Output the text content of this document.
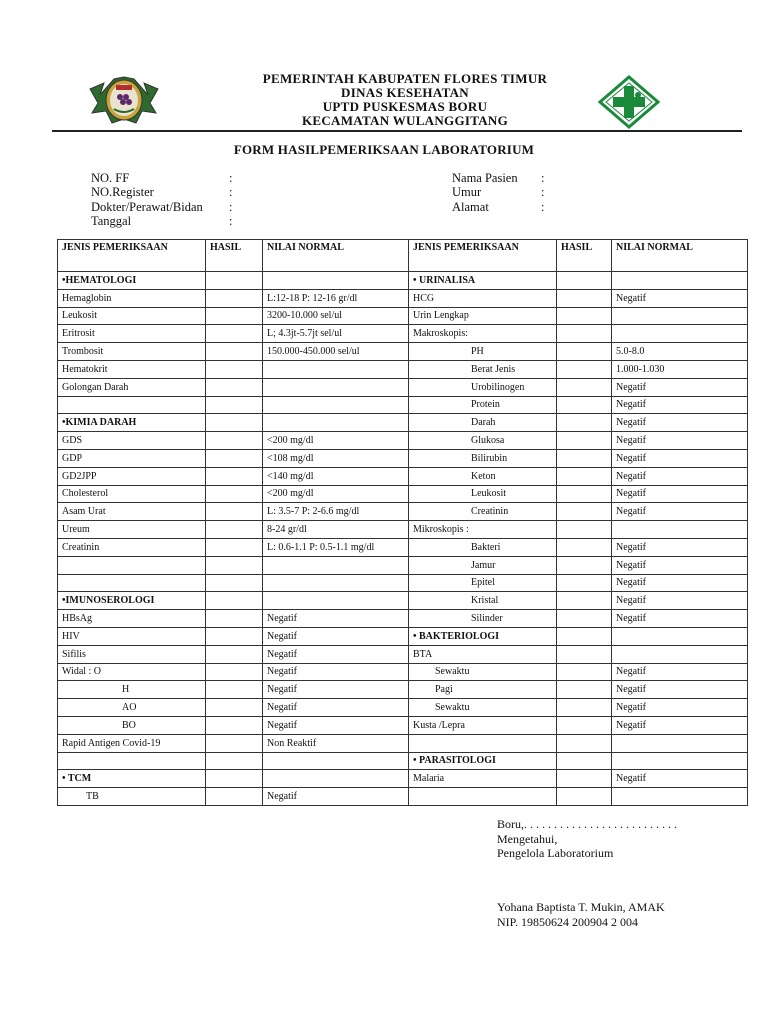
PEMERINTAH KABUPATEN FLORES TIMUR
DINAS KESEHATAN
UPTD PUSKESMAS BORU
KECAMATAN WULANGGITANG
FORM HASILPEMERIKSAAN LABORATORIUM
NO. FF	:
NO.Register	:
Dokter/Perawat/Bidan :
Tanggal	:
Nama Pasien :
Umur	:
Alamat	:
JENIS PEMERIKSAAN	HASIL	NILAI NORMAL	JENIS PEMERIKSAAN	HASIL	NILAI NORMAL
•HEMATOLOGI			• URINALISA		
Hemaglobin		L:12-18 P: 12-16 gr/dl	HCG		Negatif
Leukosit		3200-10.000 sel/ul	Urin Lengkap		
Eritrosit		L; 4.3jt-5.7jt sel/ul	Makroskopis:		
Trombosit		150.000-450.000 sel/ul	PH		5.0-8.0
Hematokrit			Berat Jenis		1.000-1.030
Golongan Darah			Urobilinogen		Negatif
			Protein		Negatif
•KIMIA DARAH			Darah		Negatif
GDS		<200 mg/dl	Glukosa		Negatif
GDP		<108 mg/dl	Bilirubin		Negatif
GD2JPP		<140 mg/dl	Keton		Negatif
Cholesterol		<200 mg/dl	Leukosit		Negatif
Asam Urat		L: 3.5-7 P: 2-6.6 mg/dl	Creatinin		Negatif
Ureum		8-24 gr/dl	Mikroskopis :		
Creatinin		L: 0.6-1.1 P: 0.5-1.1 mg/dl	Bakteri		Negatif
			Jamur		Negatif
			Epitel		Negatif
•IMUNOSEROLOGI			Kristal		Negatif
HBsAg		Negatif	Silinder		Negatif
HIV		Negatif	• BAKTERIOLOGI		
Sifilis		Negatif	BTA		
Widal : O		Negatif	Sewaktu		Negatif
H		Negatif	Pagi		Negatif
AO		Negatif	Sewaktu		Negatif
BO		Negatif	Kusta /Lepra		Negatif
Rapid Antigen Covid-19		Non Reaktif			
			• PARASITOLOGI		
• TCM			Malaria		Negatif
TB		Negatif			
Boru,. . . . . . . . . . . . . . . . . . . . . . . . . .
Mengetahui,
Pengelola Laboratorium
Yohana Baptista T. Mukin, AMAK
NIP. 19850624 200904 2 004
